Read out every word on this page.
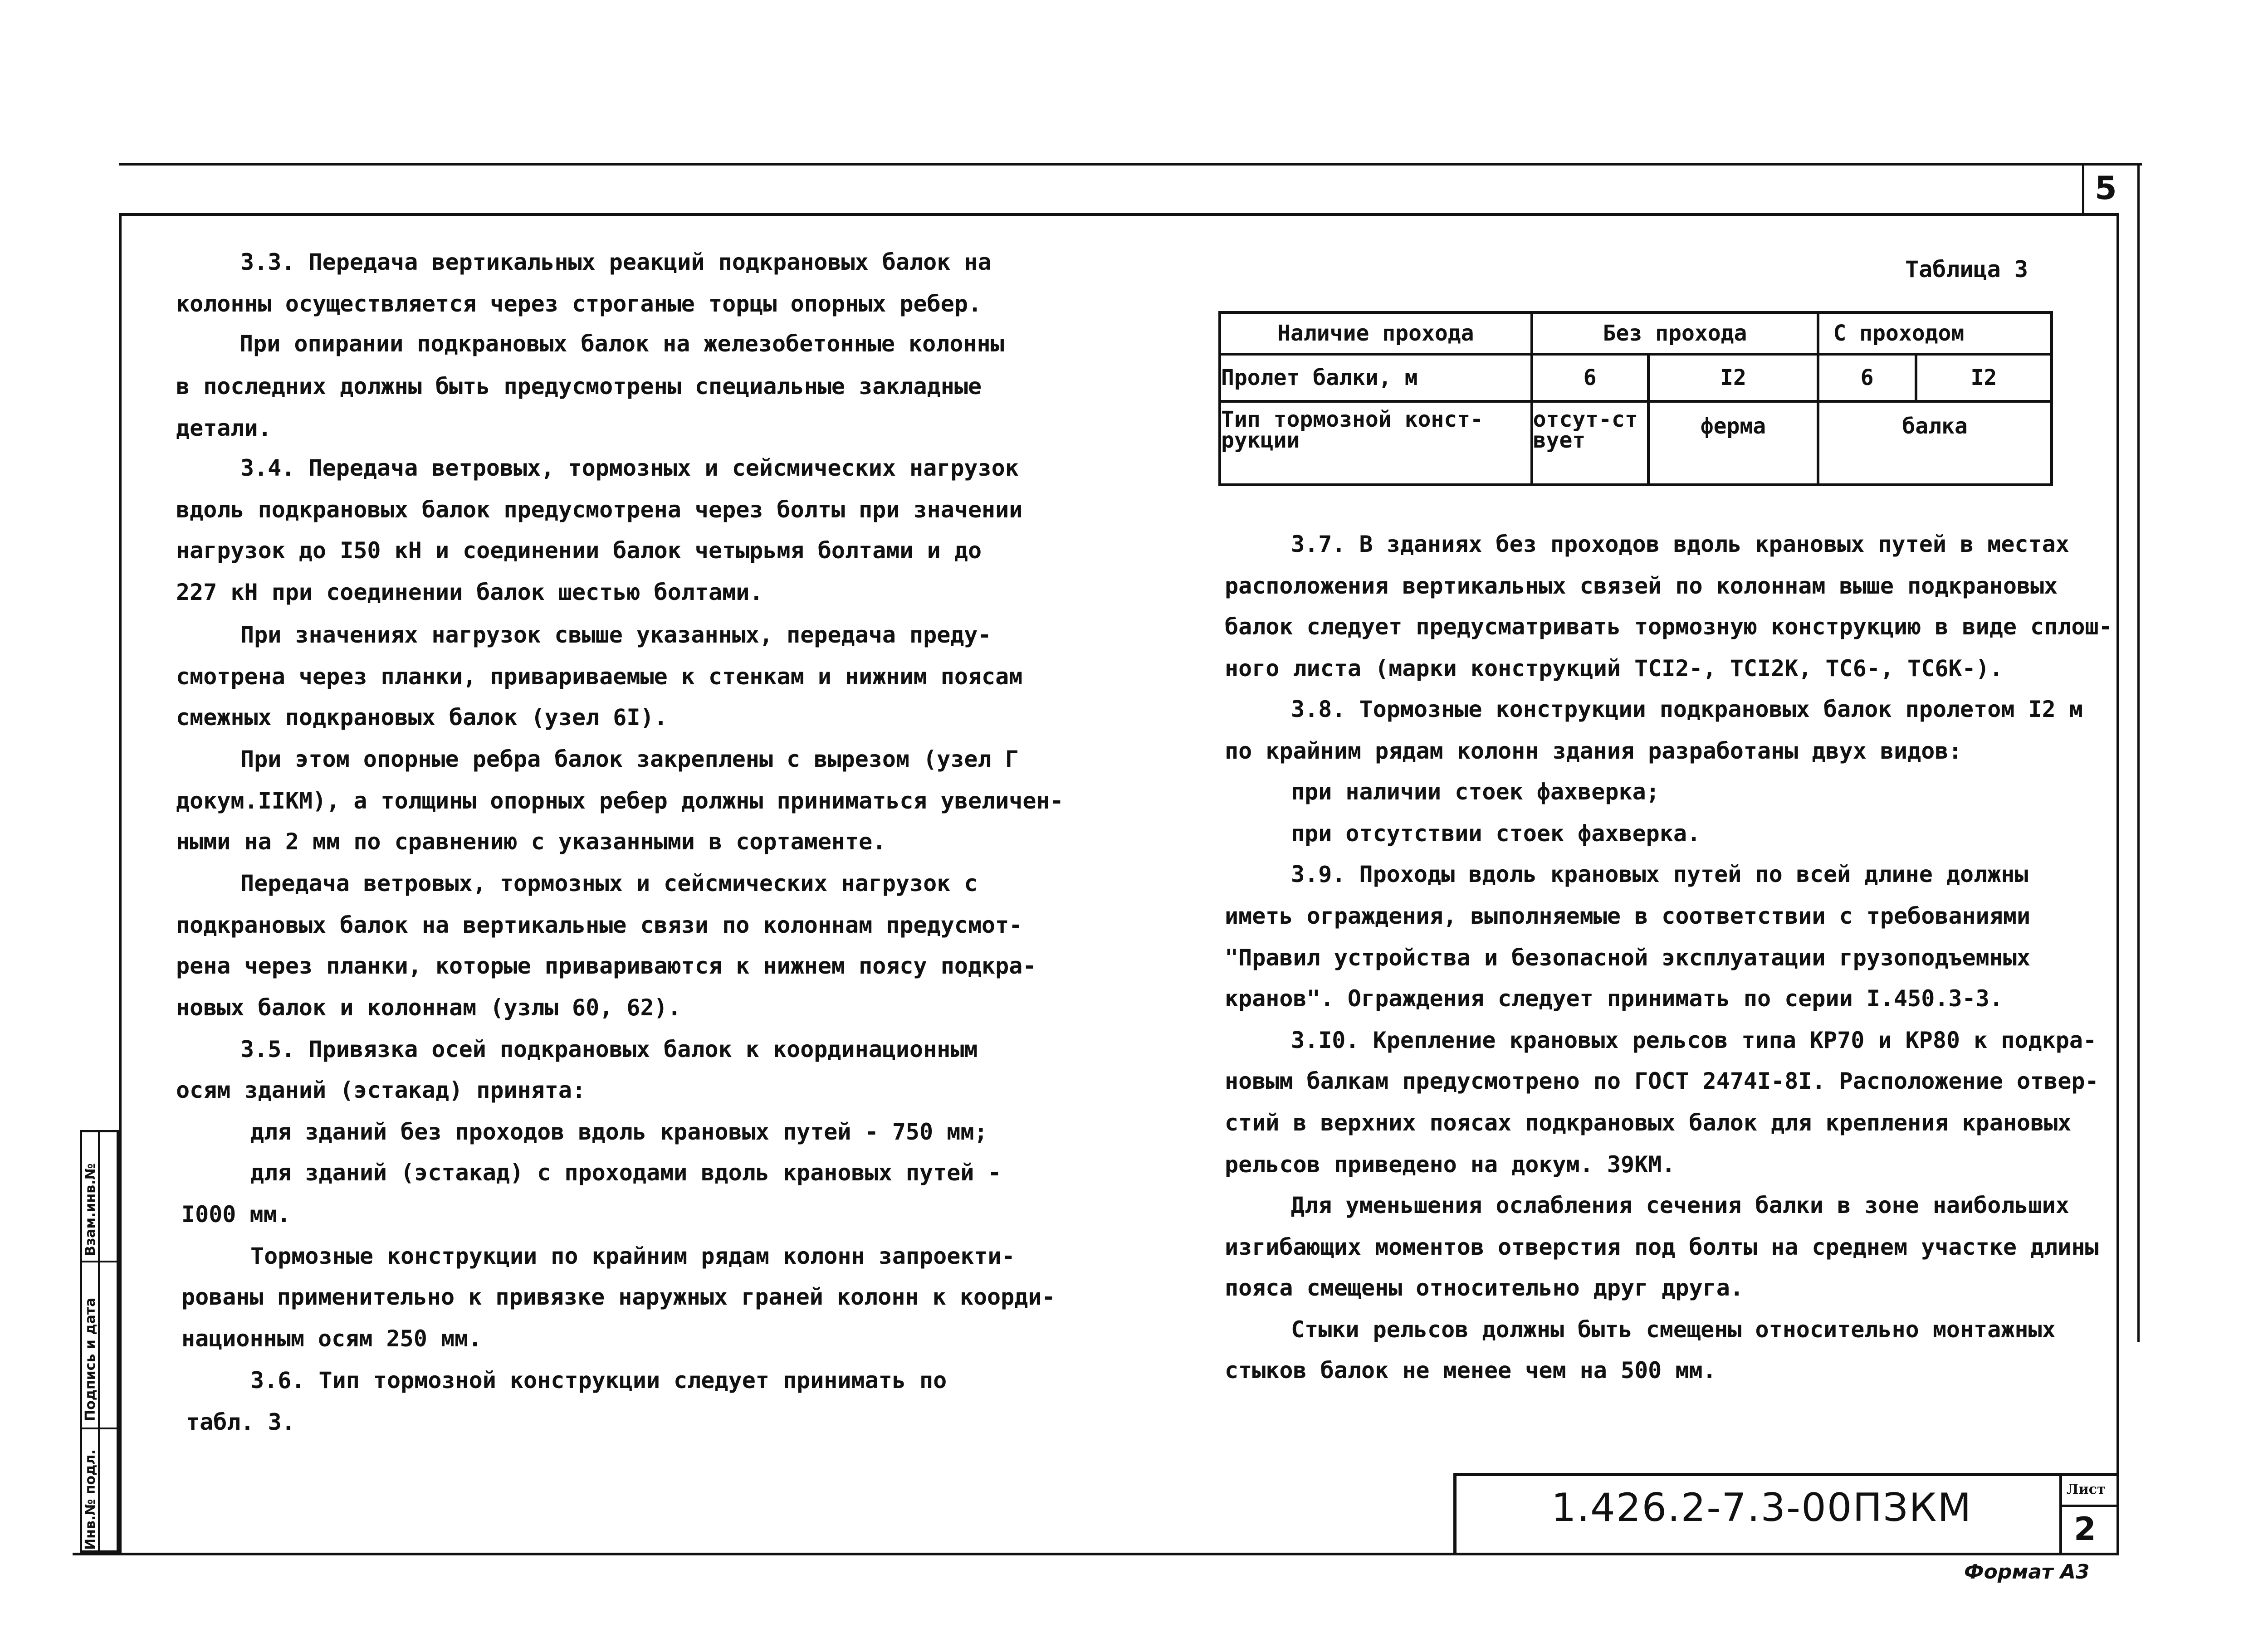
5
Инв.№ подл.
Подпись и дата
Взам.инв.№
3.3. Передача вертикальных реакций подкрановых балок на
колонны осуществляется через строганые торцы опорных ребер.
При опирании подкрановых балок на железобетонные колонны
в последних должны быть предусмотрены специальные закладные
детали.
3.4. Передача ветровых, тормозных и сейсмических нагрузок
вдоль подкрановых балок предусмотрена через болты при значении
нагрузок до I50 кН и соединении балок четырьмя болтами и до
227 кН при соединении балок шестью болтами.
При значениях нагрузок свыше указанных, передача преду-
смотрена через планки, привариваемые к стенкам и нижним поясам
смежных подкрановых балок (узел 6I).
При этом опорные ребра балок закреплены с вырезом (узел Г
докум.IIКМ), а толщины опорных ребер должны приниматься увеличен-
ными на 2 мм по сравнению с указанными в сортаменте.
Передача ветровых, тормозных и сейсмических нагрузок с
подкрановых балок на вертикальные связи по колоннам предусмот-
рена через планки, которые привариваются к нижнем поясу подкра-
новых балок и колоннам (узлы 60, 62).
3.5. Привязка осей подкрановых балок к координационным
осям зданий (эстакад) принята:
для зданий без проходов вдоль крановых путей - 750 мм;
для зданий (эстакад) с проходами вдоль крановых путей -
I000 мм.
Тормозные конструкции по крайним рядам колонн запроекти-
рованы применительно к привязке наружных граней колонн к коорди-
национным осям 250 мм.
3.6. Тип тормозной конструкции следует принимать по
табл. 3.
Таблица 3
Наличие прохода	Без прохода		С проходом	
Пролет балки, м	6	I2	6	I2
Тип тормозной конст-рукции	отсут-ствует	ферма	балка	
3.7. В зданиях без проходов вдоль крановых путей в местах
расположения вертикальных связей по колоннам выше подкрановых
балок следует предусматривать тормозную конструкцию в виде сплош-
ного листа (марки конструкций ТСI2-, ТСI2К, ТС6-, ТС6К-).
3.8. Тормозные конструкции подкрановых балок пролетом I2 м
по крайним рядам колонн здания разработаны двух видов:
при наличии стоек фахверка;
при отсутствии стоек фахверка.
3.9. Проходы вдоль крановых путей по всей длине должны
иметь ограждения, выполняемые в соответствии с требованиями
"Правил устройства и безопасной эксплуатации грузоподъемных
кранов". Ограждения следует принимать по серии I.450.3-3.
3.I0. Крепление крановых рельсов типа КР70 и КР80 к подкра-
новым балкам предусмотрено по ГОСТ 2474I-8I. Расположение отвер-
стий в верхних поясах подкрановых балок для крепления крановых
рельсов приведено на докум. 39КМ.
Для уменьшения ослабления сечения балки в зоне наибольших
изгибающих моментов отверстия под болты на среднем участке длины
пояса смещены относительно друг друга.
Стыки рельсов должны быть смещены относительно монтажных
стыков балок не менее чем на 500 мм.
1.426.2-7.3-00ПЗКМ	Лист
2
Формат А3
